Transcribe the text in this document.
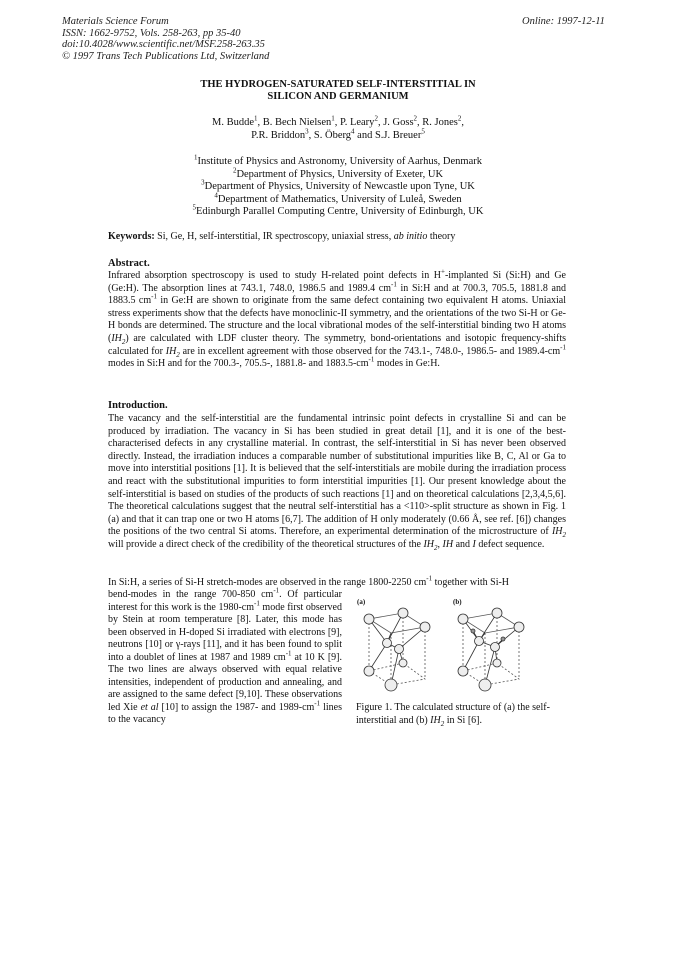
Materials Science Forum
ISSN: 1662-9752, Vols. 258-263, pp 35-40
doi:10.4028/www.scientific.net/MSF.258-263.35
© 1997 Trans Tech Publications Ltd, Switzerland
Online: 1997-12-11
THE HYDROGEN-SATURATED SELF-INTERSTITIAL IN
SILICON AND GERMANIUM
M. Budde$^1$, B. Bech Nielsen$^1$, P. Leary$^2$, J. Goss$^2$, R. Jones$^2$,
P.R. Briddon$^3$, S. Öberg$^4$ and S.J. Breuer$^5$
$^1$Institute of Physics and Astronomy, University of Aarhus, Denmark
$^2$Department of Physics, University of Exeter, UK
$^3$Department of Physics, University of Newcastle upon Tyne, UK
$^4$Department of Mathematics, University of Luleå, Sweden
$^5$Edinburgh Parallel Computing Centre, University of Edinburgh, UK
Keywords: Si, Ge, H, self-interstitial, IR spectroscopy, uniaxial stress, ab initio theory
Abstract.
Infrared absorption spectroscopy is used to study H-related point defects in H+-implanted Si (Si:H) and Ge (Ge:H). The absorption lines at 743.1, 748.0, 1986.5 and 1989.4 $cm^{-1}$ in Si:H and at 700.3, 705.5, 1881.8 and 1883.5 $cm^{-1}$ in Ge:H are shown to originate from the same defect containing two equivalent H atoms. Uniaxial stress experiments show that the defects have monoclinic-II symmetry, and the orientations of the two Si-H or Ge-H bonds are determined. The structure and the local vibrational modes of the self-interstitial binding two H atoms $(IH_2)$ are calculated with LDF cluster theory. The symmetry, bond-orientations and isotopic frequency-shifts calculated for $IH_2$ are in excellent agreement with those observed for the 743.1-, 748.0-, 1986.5- and $1989.4-cm^{-1}$ modes in Si:H and for the 700.3-, 705.5-, 1881.8- and $1883.5-cm^{-1}$ modes in Ge:H.
Introduction.
The vacancy and the self-interstitial are the fundamental intrinsic point defects in crystalline Si and can be produced by irradiation. The vacancy in Si has been studied in great detail [1], and it is one of the best-characterised defects in any crystalline material. In contrast, the self-interstitial in Si has never been observed directly. Instead, the irradiation induces a comparable number of substitutional impurities like B, C, Al or Ga to move into interstitial positions [1]. It is believed that the self-interstitials are mobile during the irradiation process and react with the substitutional impurities to form interstitial impurities [1]. Our present knowledge about the self-interstitial is based on studies of the products of such reactions [1] and on theoretical calculations [2,3,4,5,6]. The theoretical calculations suggest that the neutral self-interstitial has a <110>-split structure as shown in Fig. 1 (a) and that it can trap one or two H atoms [6,7]. The addition of H only moderately (0.66 Å, see ref. [6]) changes the positions of the two central Si atoms. Therefore, an experimental determination of the microstructure of $IH_2$ will provide a direct check of the credibility of the theoretical structures of the $IH_2$, IH and I defect sequence.
In Si:H, a series of Si-H stretch-modes are observed in the range 1800-2250 $cm^{-1}$ together with Si-H
bend-modes in the range 700-850 $cm^{-1}$. Of particular interest for this work is the $1980-cm^{-1}$ mode first observed by Stein at room temperature [8]. Later, this mode has been observed in H-doped Si irradiated with electrons [9], neutrons [10] or γ-rays [11], and it has been found to split into a doublet of lines at 1987 and 1989 $cm^{-1}$ at 10 K [9]. The two lines are always observed with equal relative intensities, independent of production and annealing, and are assigned to the same defect [9,10]. These observations led Xie et al [10] to assign the 1987- and $1989-cm^{-1}$ lines to the vacancy
(a)	(b)
Figure 1. The calculated structure of (a) the self-interstitial and (b) $IH_2$ in Si [6].
